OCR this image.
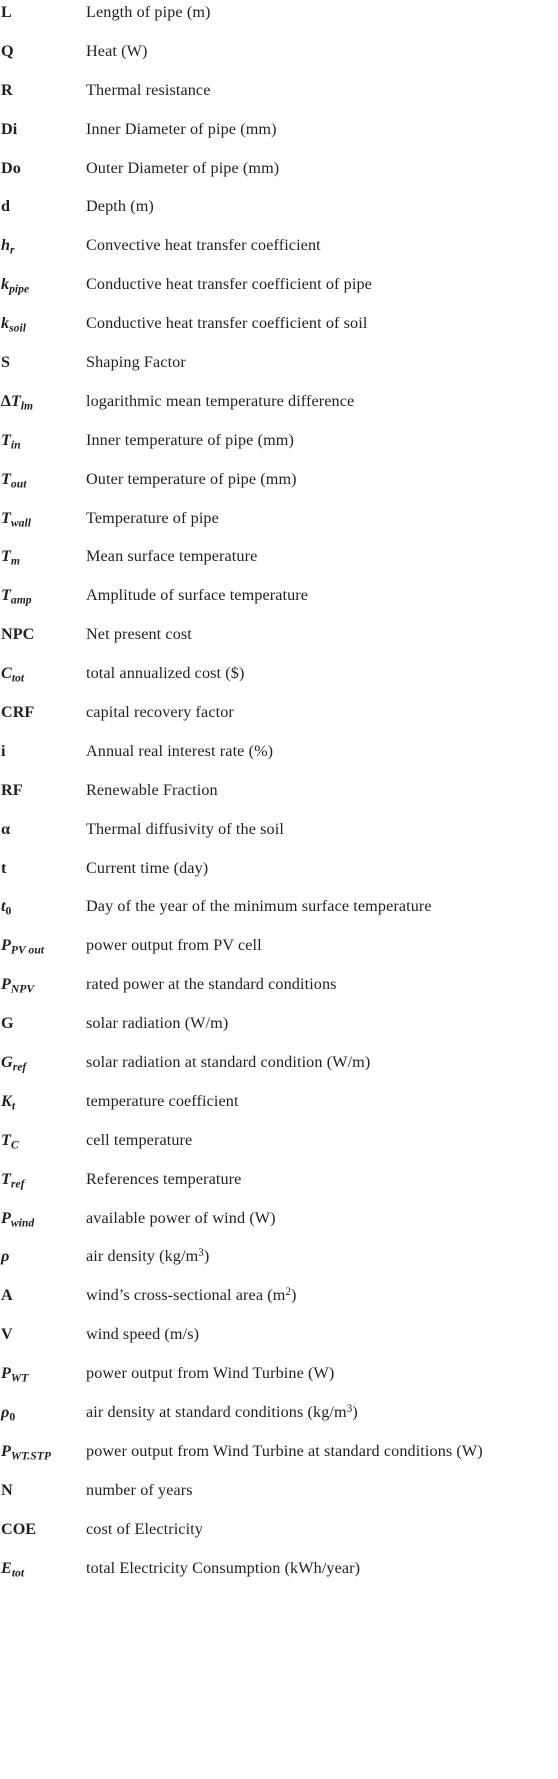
L	Length of pipe (m)
Q	Heat (W)
R	Thermal resistance
Di	Inner Diameter of pipe (mm)
Do	Outer Diameter of pipe (mm)
d	Depth (m)
$h_r$	Convective heat transfer coefficient
$k_{pipe}$	Conductive heat transfer coefficient of pipe
$k_{soil}$	Conductive heat transfer coefficient of soil
S	Shaping Factor
$\Delta T_{lm}$	logarithmic mean temperature difference
$T_{in}$	Inner temperature of pipe (mm)
$T_{out}$	Outer temperature of pipe (mm)
$T_{wall}$	Temperature of pipe
$T_m$	Mean surface temperature
$T_{amp}$	Amplitude of surface temperature
NPC	Net present cost
$C_{tot}$	total annualized cost ($)
CRF	capital recovery factor
i	Annual real interest rate (%)
RF	Renewable Fraction
α	Thermal diffusivity of the soil
t	Current time (day)
$t_0$	Day of the year of the minimum surface temperature
$P_{PV out}$	power output from PV cell
$P_{NPV}$	rated power at the standard conditions
G	solar radiation (W/m)
$G_{ref}$	solar radiation at standard condition (W/m)
$K_t$	temperature coefficient
$T_C$	cell temperature
$T_{ref}$	References temperature
$P_{wind}$	available power of wind (W)
ρ	air density $(kg/m^3)$
A	wind’s cross-sectional area $(m^2)$
V	wind speed (m/s)
$P_{WT}$	power output from Wind Turbine (W)
$\rho_0$	air density at standard conditions $(kg/m^3)$
$P_{WT.STP}$	power output from Wind Turbine at standard conditions (W)
N	number of years
COE	cost of Electricity
$E_{tot}$	total Electricity Consumption (kWh/year)
